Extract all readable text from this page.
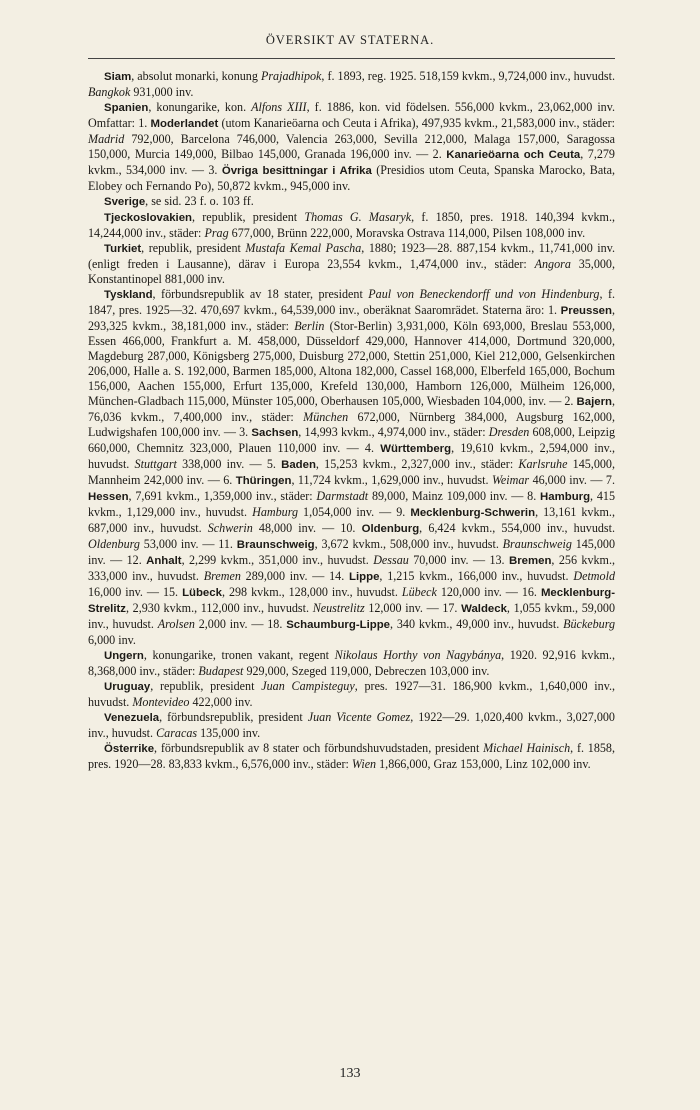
ÖVERSIKT AV STATERNA.

Siam, absolut monarki, konung Prajadhipok, f. 1893, reg. 1925. 518,159 kvkm., 9,724,000 inv., huvudst. Bangkok 931,000 inv.

Spanien, konungarike, kon. Alfons XIII, f. 1886, kon. vid födelsen. 556,000 kvkm., 23,062,000 inv. Omfattar: 1. Moderlandet (utom Kanarieöarna och Ceuta i Afrika), 497,935 kvkm., 21,583,000 inv., städer: Madrid 792,000, Barcelona 746,000, Valencia 263,000, Sevilla 212,000, Malaga 157,000, Saragossa 150,000, Murcia 149,000, Bilbao 145,000, Granada 196,000 inv. — 2. Kanarieöarna och Ceuta, 7,279 kvkm., 534,000 inv. — 3. Övriga besittningar i Afrika (Presidios utom Ceuta, Spanska Marocko, Bata, Elobey och Fernando Po), 50,872 kvkm., 945,000 inv.

Sverige, se sid. 23 f. o. 103 ff.

Tjeckoslovakien, republik, president Thomas G. Masaryk, f. 1850, pres. 1918. 140,394 kvkm., 14,244,000 inv., städer: Prag 677,000, Brünn 222,000, Moravska Ostrava 114,000, Pilsen 108,000 inv.

Turkiet, republik, president Mustafa Kemal Pascha, 1880; 1923—28. 887,154 kvkm., 11,741,000 inv. (enligt freden i Lausanne), därav i Europa 23,554 kvkm., 1,474,000 inv., städer: Angora 35,000, Konstantinopel 881,000 inv.

Tyskland, förbundsrepublik av 18 stater, president Paul von Beneckendorff und von Hindenburg, f. 1847, pres. 1925—32. 470,697 kvkm., 64,539,000 inv., oberäknat Saaromrädet. Staterna äro: 1. Preussen, 293,325 kvkm., 38,181,000 inv., städer: Berlin (Stor-Berlin) 3,931,000, Köln 693,000, Breslau 553,000, Essen 466,000, Frankfurt a. M. 458,000, Düsseldorf 429,000, Hannover 414,000, Dortmund 320,000, Magdeburg 287,000, Königsberg 275,000, Duisburg 272,000, Stettin 251,000, Kiel 212,000, Gelsenkirchen 206,000, Halle a. S. 192,000, Barmen 185,000, Altona 182,000, Cassel 168,000, Elberfeld 165,000, Bochum 156,000, Aachen 155,000, Erfurt 135,000, Krefeld 130,000, Hamborn 126,000, Mülheim 126,000, München-Gladbach 115,000, Münster 105,000, Oberhausen 105,000, Wiesbaden 104,000, inv. — 2. Bajern, 76,036 kvkm., 7,400,000 inv., städer: München 672,000, Nürnberg 384,000, Augsburg 162,000, Ludwigshafen 100,000 inv. — 3. Sachsen, 14,993 kvkm., 4,974,000 inv., städer: Dresden 608,000, Leipzig 660,000, Chemnitz 323,000, Plauen 110,000 inv. — 4. Württemberg, 19,610 kvkm., 2,594,000 inv., huvudst. Stuttgart 338,000 inv. — 5. Baden, 15,253 kvkm., 2,327,000 inv., städer: Karlsruhe 145,000, Mannheim 242,000 inv. — 6. Thüringen, 11,724 kvkm., 1,629,000 inv., huvudst. Weimar 46,000 inv. — 7. Hessen, 7,691 kvkm., 1,359,000 inv., städer: Darmstadt 89,000, Mainz 109,000 inv. — 8. Hamburg, 415 kvkm., 1,129,000 inv., huvudst. Hamburg 1,054,000 inv. — 9. Mecklenburg-Schwerin, 13,161 kvkm., 687,000 inv., huvudst. Schwerin 48,000 inv. — 10. Oldenburg, 6,424 kvkm., 554,000 inv., huvudst. Oldenburg 53,000 inv. — 11. Braunschweig, 3,672 kvkm., 508,000 inv., huvudst. Braunschweig 145,000 inv. — 12. Anhalt, 2,299 kvkm., 351,000 inv., huvudst. Dessau 70,000 inv. — 13. Bremen, 256 kvkm., 333,000 inv., huvudst. Bremen 289,000 inv. — 14. Lippe, 1,215 kvkm., 166,000 inv., huvudst. Detmold 16,000 inv. — 15. Lübeck, 298 kvkm., 128,000 inv., huvudst. Lübeck 120,000 inv. — 16. Mecklenburg-Strelitz, 2,930 kvkm., 112,000 inv., huvudst. Neustrelitz 12,000 inv. — 17. Waldeck, 1,055 kvkm., 59,000 inv., huvudst. Arolsen 2,000 inv. — 18. Schaumburg-Lippe, 340 kvkm., 49,000 inv., huvudst. Bückeburg 6,000 inv.

Ungern, konungarike, tronen vakant, regent Nikolaus Horthy von Nagybánya, 1920. 92,916 kvkm., 8,368,000 inv., städer: Budapest 929,000, Szeged 119,000, Debreczen 103,000 inv.

Uruguay, republik, president Juan Campisteguy, pres. 1927—31. 186,900 kvkm., 1,640,000 inv., huvudst. Montevideo 422,000 inv.

Venezuela, förbundsrepublik, president Juan Vicente Gomez, 1922—29. 1,020,400 kvkm., 3,027,000 inv., huvudst. Caracas 135,000 inv.

Österrike, förbundsrepublik av 8 stater och förbundshuvudstaden, president Michael Hainisch, f. 1858, pres. 1920—28. 83,833 kvkm., 6,576,000 inv., städer: Wien 1,866,000, Graz 153,000, Linz 102,000 inv.

133
